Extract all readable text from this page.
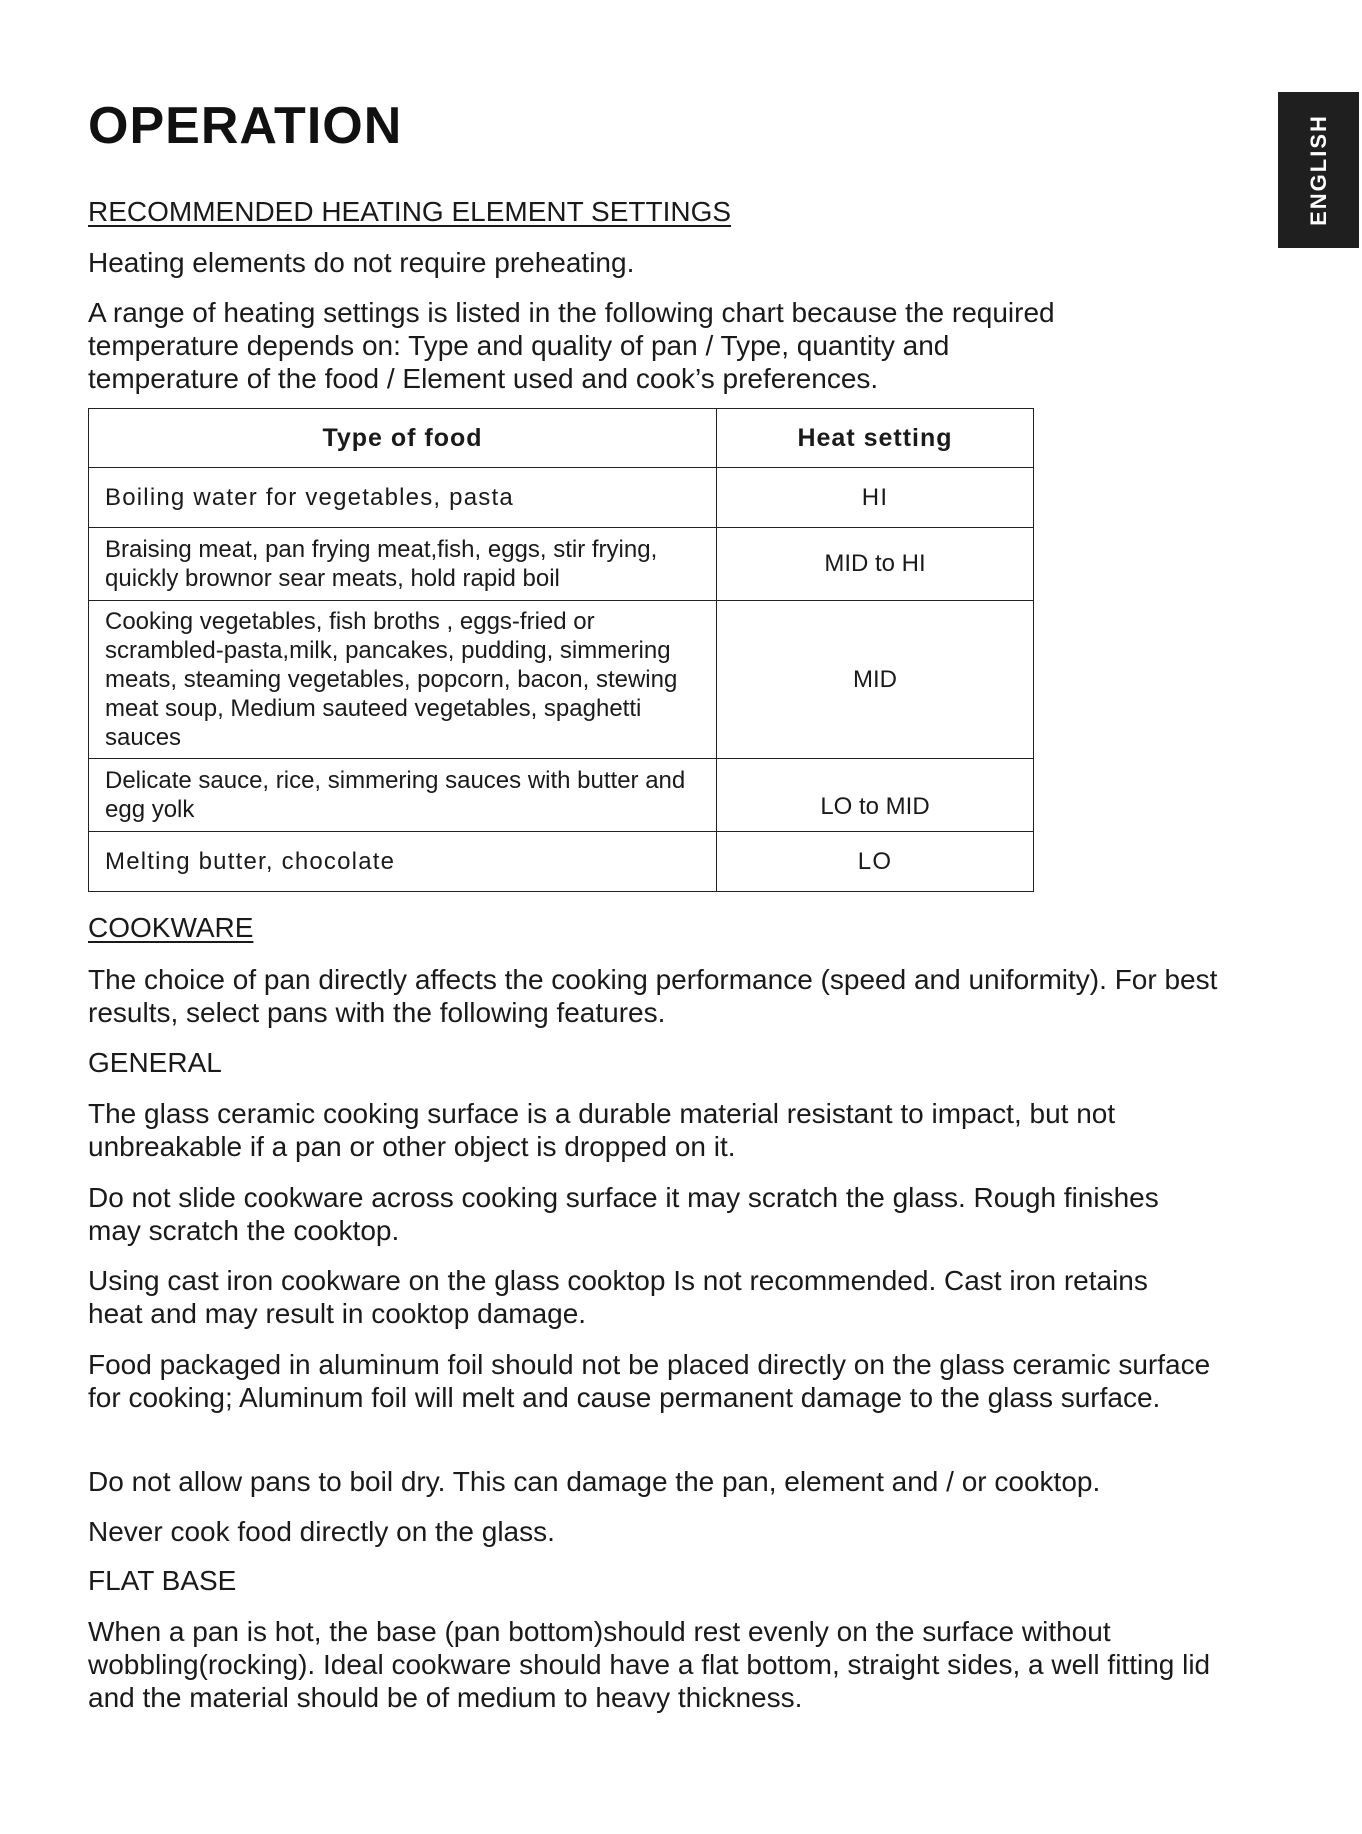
ENGLISH
OPERATION

RECOMMENDED HEATING ELEMENT SETTINGS

Heating elements do not require preheating.

A range of heating settings is listed in the following chart because the required

temperature depends on: Type and quality of pan / Type, quantity and

temperature of the food / Element used and cook’s preferences.

Type of food	Heat setting
Boiling water for vegetables, pasta	HI
Braising meat, pan frying meat,fish, eggs, stir frying, quickly brownor sear meats, hold rapid boil	MID to HI
Cooking vegetables, fish broths , eggs-fried or scrambled-pasta,milk, pancakes, pudding, simmering meats, steaming vegetables, popcorn, bacon, stewing meat soup, Medium sauteed vegetables, spaghetti sauces	MID
Delicate sauce, rice, simmering sauces with butter and egg yolk	LO to MID
Melting butter, chocolate	LO

COOKWARE

The choice of pan directly affects the cooking performance (speed and uniformity). For best results, select pans with the following features.

GENERAL

The glass ceramic cooking surface is a durable material resistant to impact, but not unbreakable if a pan or other object is dropped on it.

Do not slide cookware across cooking surface it may scratch the glass. Rough finishes may scratch the cooktop.

Using cast iron cookware on the glass cooktop Is not recommended. Cast iron retains heat and may result in cooktop damage.

Food packaged in aluminum foil should not be placed directly on the glass ceramic surface for cooking; Aluminum foil will melt and cause permanent damage to the glass surface.

Do not allow pans to boil dry. This can damage the pan, element and / or cooktop.

Never cook food directly on the glass.

FLAT BASE

When a pan is hot, the base (pan bottom)should rest evenly on the surface without wobbling(rocking). Ideal cookware should have a flat bottom, straight sides, a well fitting lid and the material should be of medium to heavy thickness.
